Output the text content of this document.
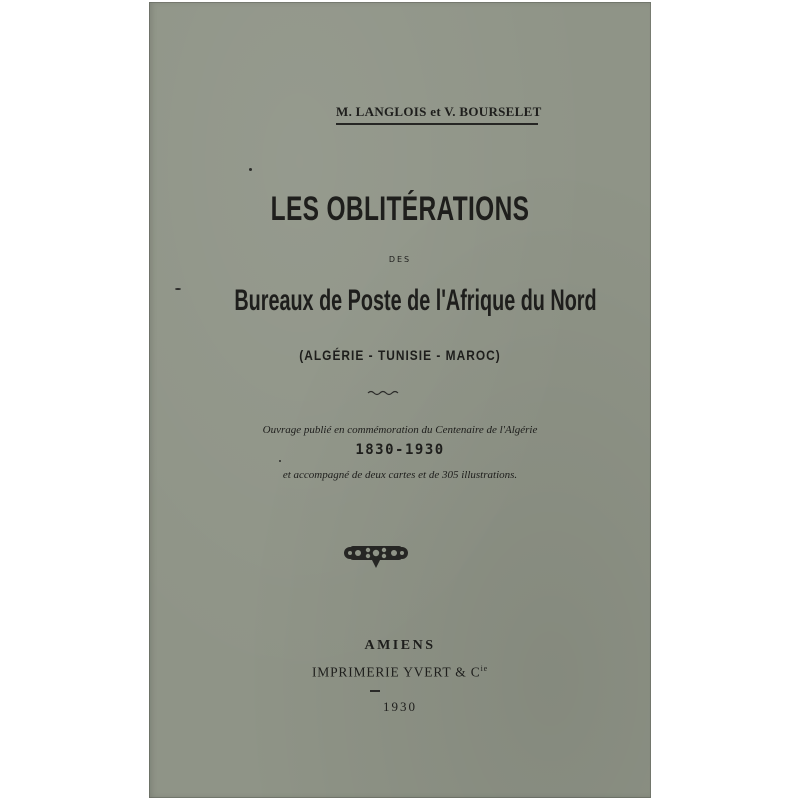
M. LANGLOIS et V. BOURSELET
LES OBLITÉRATIONS
DES
Bureaux de Poste de l'Afrique du Nord
(ALGÉRIE - TUNISIE - MAROC)
Ouvrage publié en commémoration du Centenaire de l'Algérie
1830-1930
et accompagné de deux cartes et de 305 illustrations.
AMIENS
IMPRIMERIE YVERT & $C^{ie}$
1930
